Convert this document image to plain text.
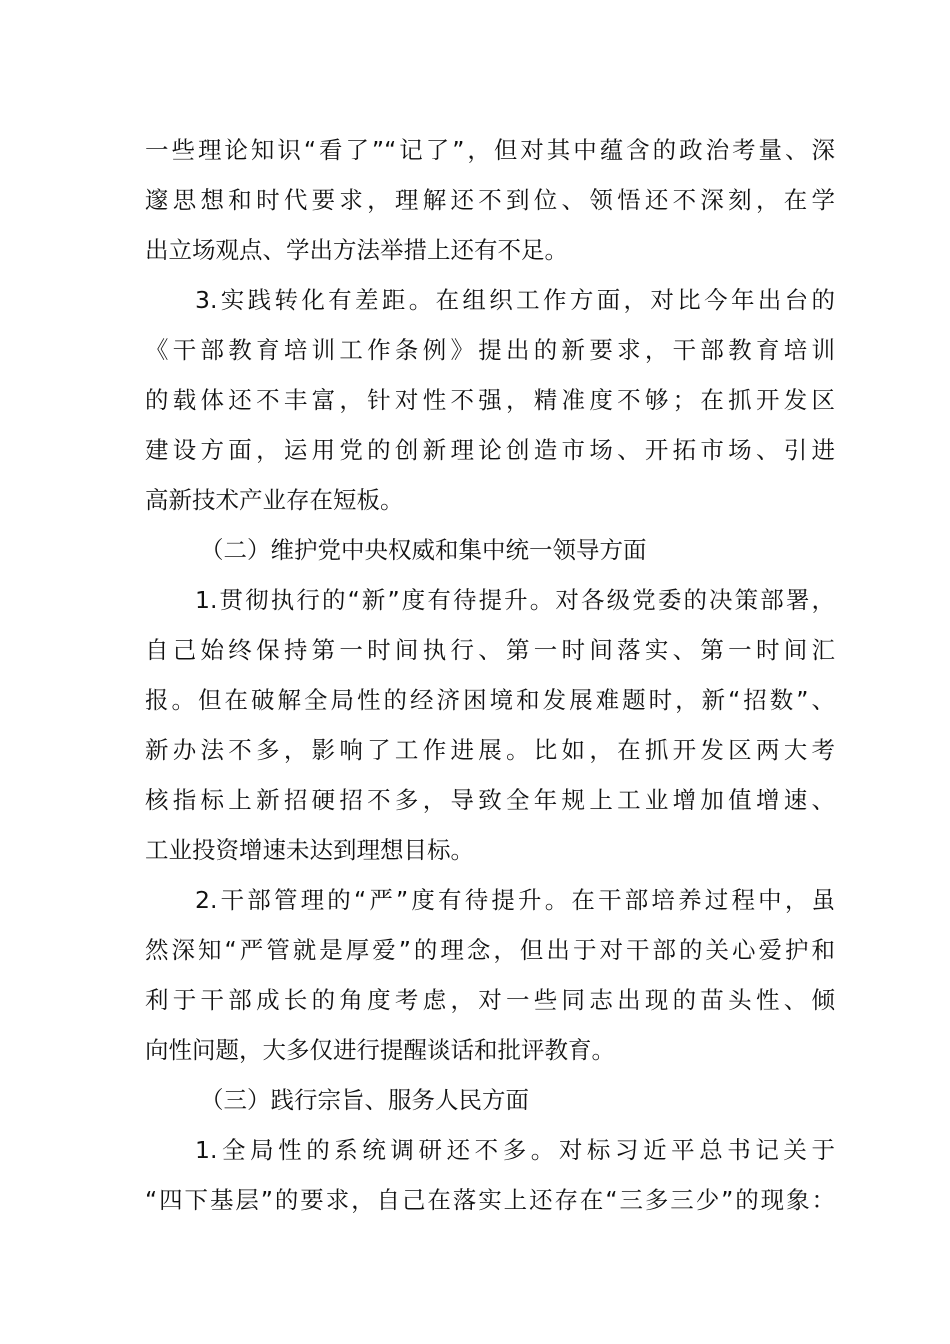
一些理论知识“看了”“记了”，但对其中蕴含的政治考量、深
邃思想和时代要求，理解还不到位、领悟还不深刻，在学
出立场观点、学出方法举措上还有不足。
3.实践转化有差距。在组织工作方面，对比今年出台的
《干部教育培训工作条例》提出的新要求，干部教育培训
的载体还不丰富，针对性不强，精准度不够；在抓开发区
建设方面，运用党的创新理论创造市场、开拓市场、引进
高新技术产业存在短板。
（二）维护党中央权威和集中统一领导方面
1.贯彻执行的“新”度有待提升。对各级党委的决策部署，
自己始终保持第一时间执行、第一时间落实、第一时间汇
报。但在破解全局性的经济困境和发展难题时，新“招数”、
新办法不多，影响了工作进展。比如，在抓开发区两大考
核指标上新招硬招不多，导致全年规上工业增加值增速、
工业投资增速未达到理想目标。
2.干部管理的“严”度有待提升。在干部培养过程中，虽
然深知“严管就是厚爱”的理念，但出于对干部的关心爱护和
利于干部成长的角度考虑，对一些同志出现的苗头性、倾
向性问题，大多仅进行提醒谈话和批评教育。
（三）践行宗旨、服务人民方面
1.全局性的系统调研还不多。对标习近平总书记关于
“四下基层”的要求，自己在落实上还存在“三多三少”的现象：
